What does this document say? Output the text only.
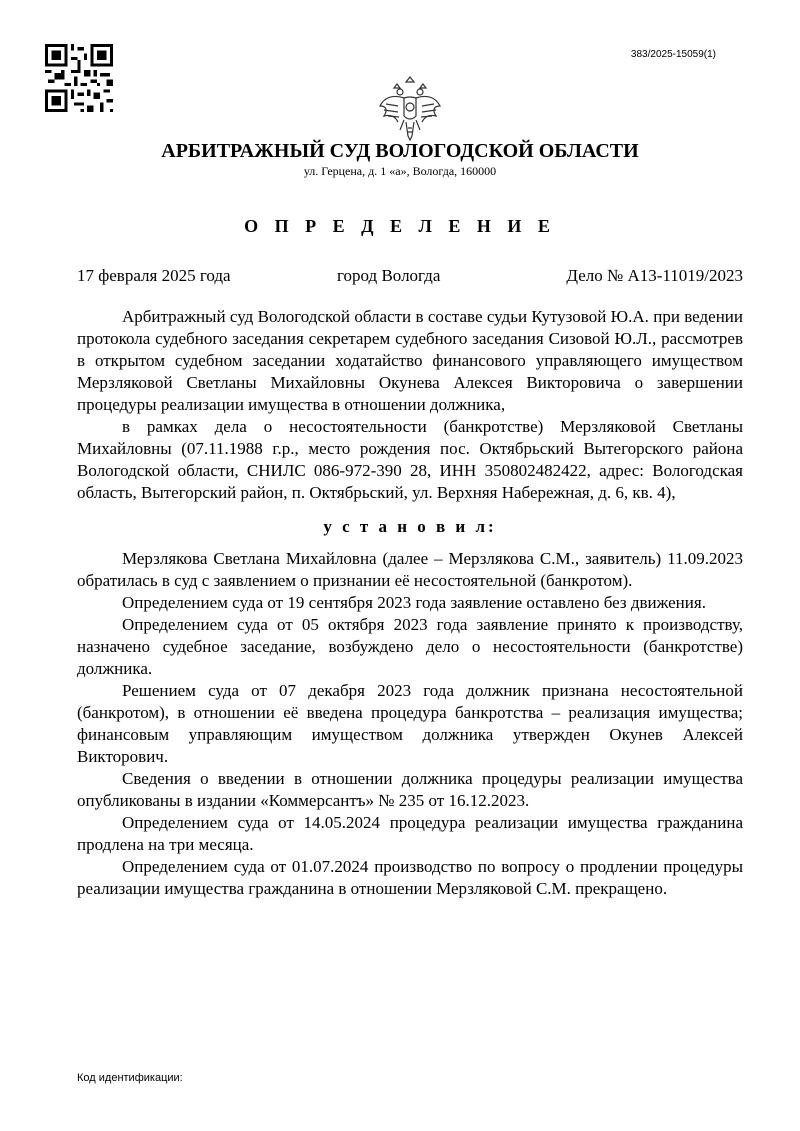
383/2025-15059(1)
АРБИТРАЖНЫЙ СУД ВОЛОГОДСКОЙ ОБЛАСТИ
ул. Герцена, д. 1 «а», Вологда, 160000
О П Р Е Д Е Л Е Н И Е
17 февраля 2025 года	город Вологда	Дело № А13-11019/2023

Арбитражный суд Вологодской области в составе судьи Кутузовой Ю.А. при ведении протокола судебного заседания секретарем судебного заседания Сизовой Ю.Л., рассмотрев в открытом судебном заседании ходатайство финансового управляющего имуществом Мерзляковой Светланы Михайловны Окунева Алексея Викторовича о завершении процедуры реализации имущества в отношении должника,

в рамках дела о несостоятельности (банкротстве) Мерзляковой Светланы Михайловны (07.11.1988 г.р., место рождения пос. Октябрьский Вытегорского района Вологодской области, СНИЛС 086-972-390 28, ИНН 350802482422, адрес: Вологодская область, Вытегорский район, п. Октябрьский, ул. Верхняя Набережная, д. 6, кв. 4),

у с т а н о в и л:

Мерзлякова Светлана Михайловна (далее – Мерзлякова С.М., заявитель) 11.09.2023 обратилась в суд с заявлением о признании её несостоятельной (банкротом).

Определением суда от 19 сентября 2023 года заявление оставлено без движения.

Определением суда от 05 октября 2023 года заявление принято к производству, назначено судебное заседание, возбуждено дело о несостоятельности (банкротстве) должника.

Решением суда от 07 декабря 2023 года должник признана несостоятельной (банкротом), в отношении её введена процедура банкротства – реализация имущества; финансовым управляющим имуществом должника утвержден Окунев Алексей Викторович.

Сведения о введении в отношении должника процедуры реализации имущества опубликованы в издании «Коммерсантъ» № 235 от 16.12.2023.

Определением суда от 14.05.2024 процедура реализации имущества гражданина продлена на три месяца.

Определением суда от 01.07.2024 производство по вопросу о продлении процедуры реализации имущества гражданина в отношении Мерзляковой С.М. прекращено.

Код идентификации:
